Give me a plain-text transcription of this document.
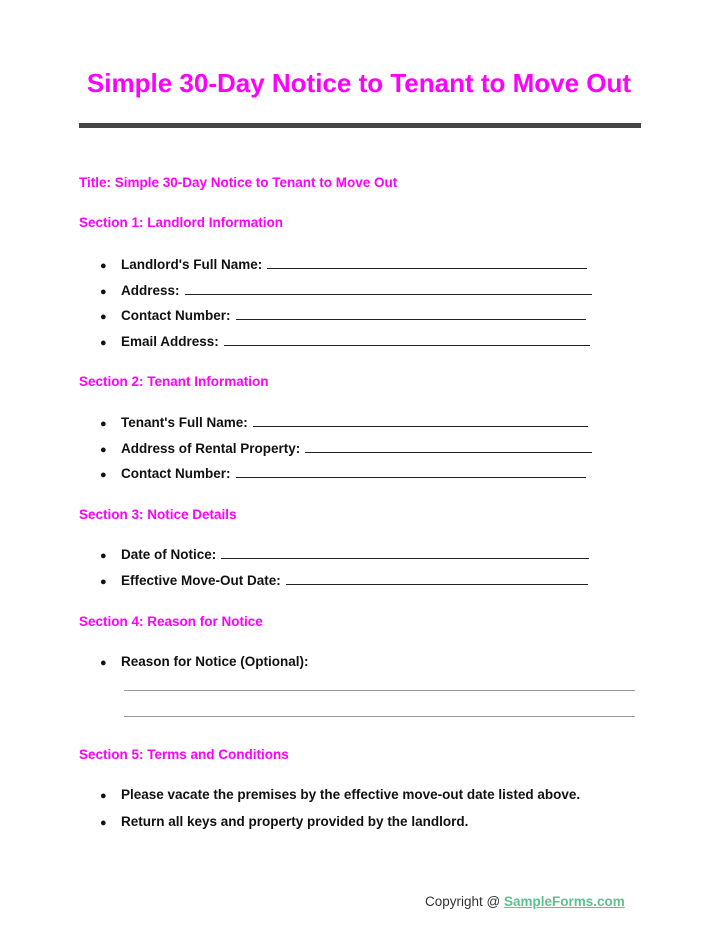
Simple 30-Day Notice to Tenant to Move Out
Title: Simple 30-Day Notice to Tenant to Move Out
Section 1: Landlord Information
●	Landlord's Full Name:
●	Address:
●	Contact Number:
●	Email Address:
Section 2: Tenant Information
●	Tenant's Full Name:
●	Address of Rental Property:
●	Contact Number:
Section 3: Notice Details
●	Date of Notice:
●	Effective Move-Out Date:
Section 4: Reason for Notice
●	Reason for Notice (Optional):
Section 5: Terms and Conditions
●	Please vacate the premises by the effective move-out date listed above.
●	Return all keys and property provided by the landlord.
Copyright @ SampleForms.com
